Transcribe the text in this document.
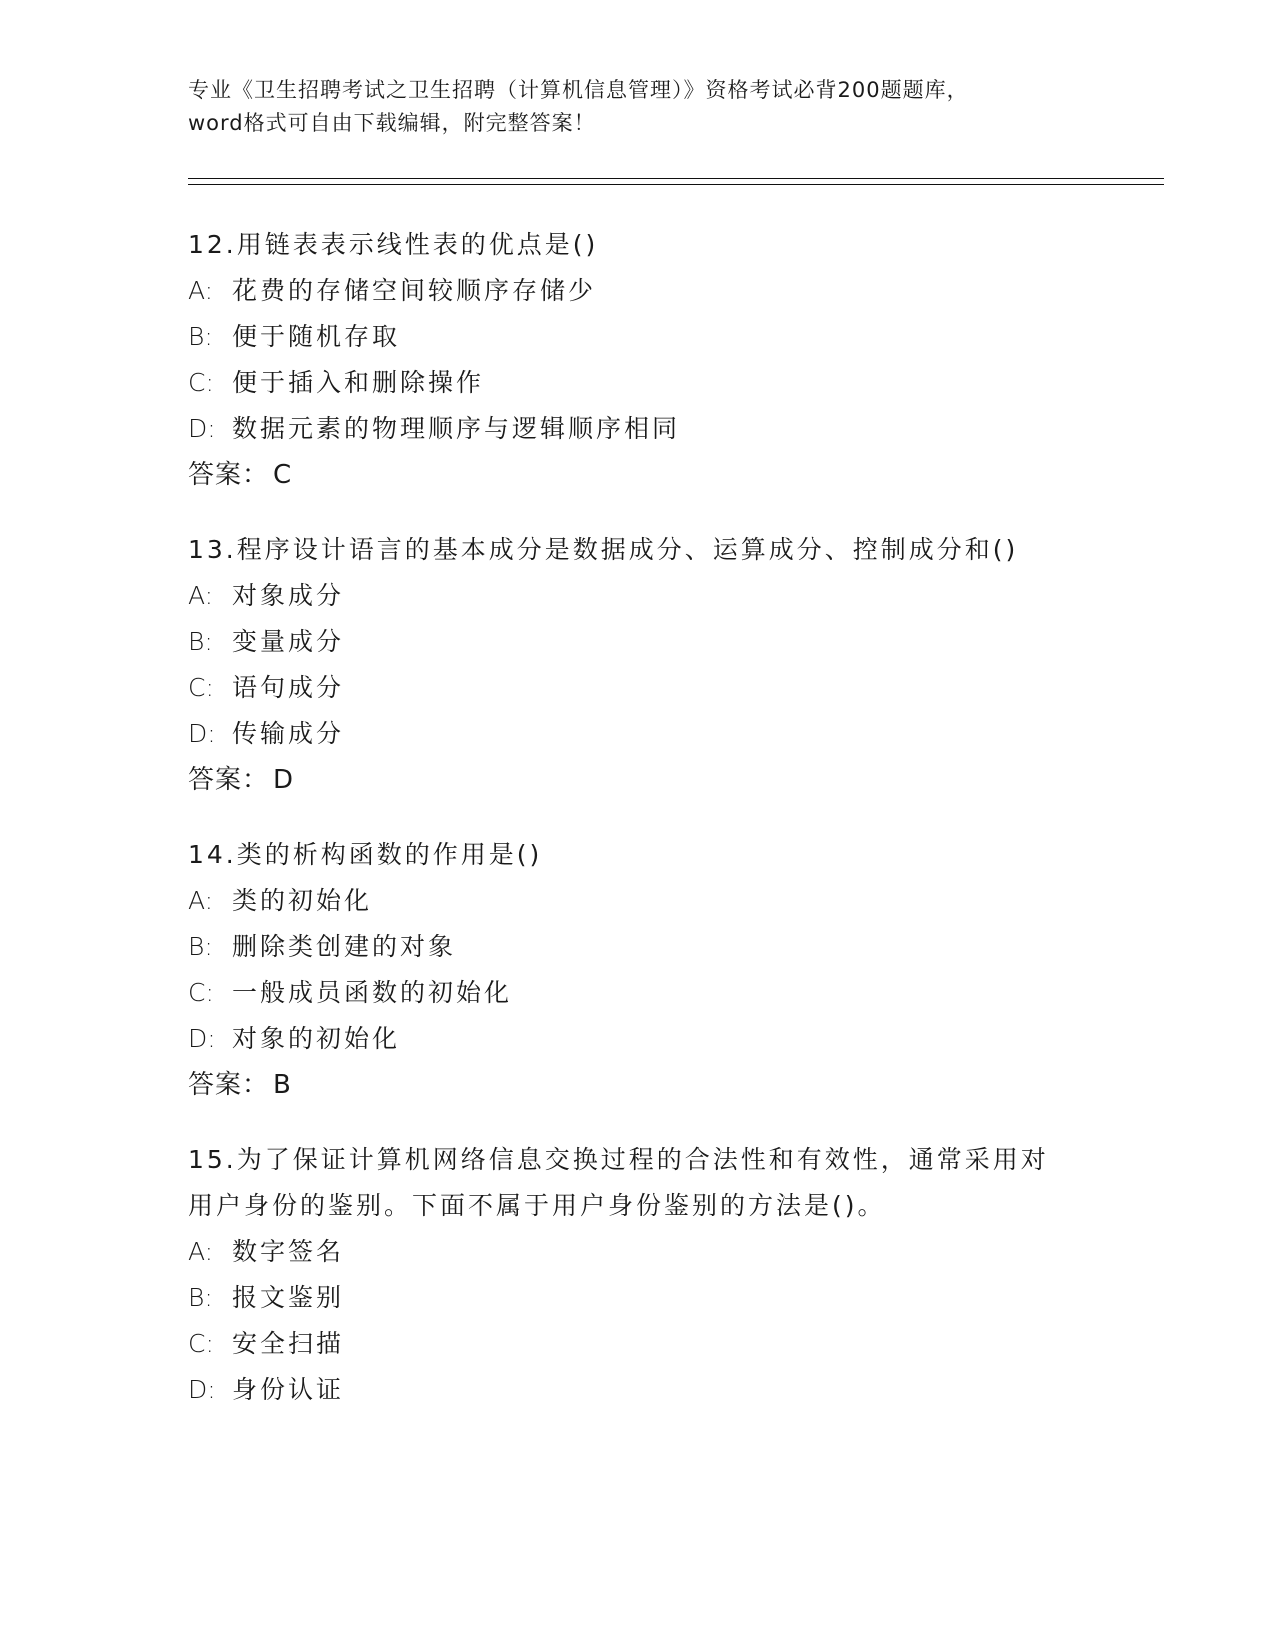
专业《卫生招聘考试之卫生招聘（计算机信息管理）》资格考试必背200题题库，
word格式可自由下载编辑，附完整答案！
12.用链表表示线性表的优点是()
A: 花费的存储空间较顺序存储少
B: 便于随机存取
C: 便于插入和删除操作
D: 数据元素的物理顺序与逻辑顺序相同
答案： C
13.程序设计语言的基本成分是数据成分、运算成分、控制成分和()
A: 对象成分
B: 变量成分
C: 语句成分
D: 传输成分
答案： D
14.类的析构函数的作用是()
A: 类的初始化
B: 删除类创建的对象
C: 一般成员函数的初始化
D: 对象的初始化
答案： B
15.为了保证计算机网络信息交换过程的合法性和有效性，通常采用对
用户身份的鉴别。下面不属于用户身份鉴别的方法是()。
A: 数字签名
B: 报文鉴别
C: 安全扫描
D: 身份认证
